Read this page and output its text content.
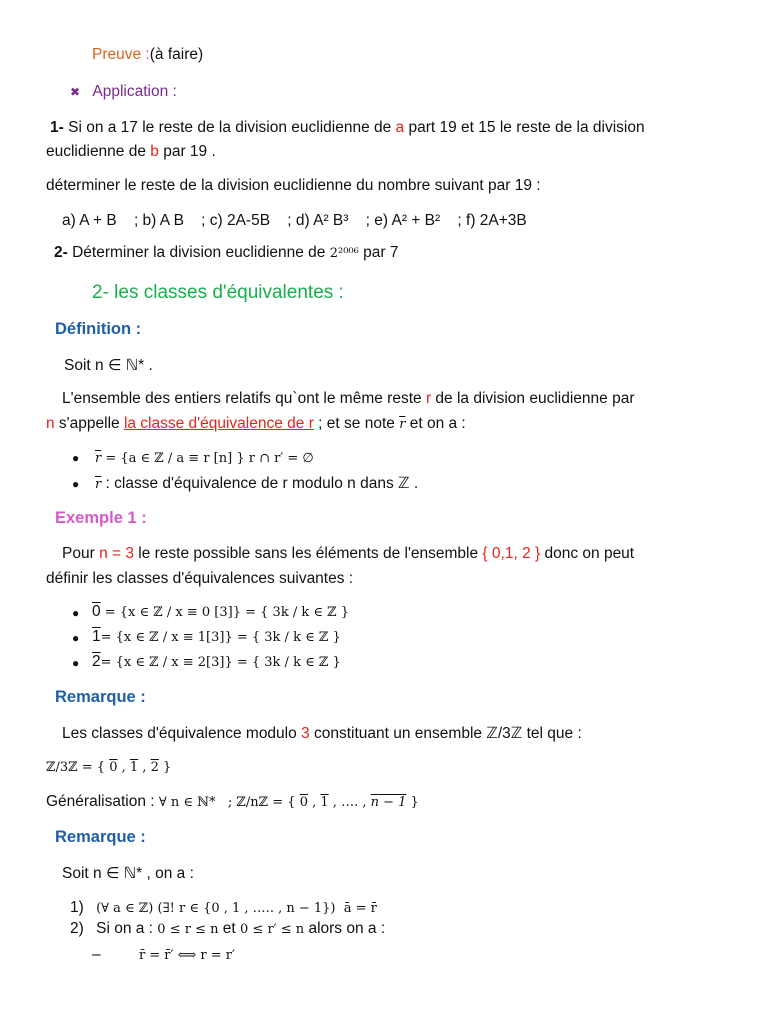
Preuve :(à faire)
✖ Application :
1- Si on a 17 le reste de la division euclidienne de a part 19 et 15 le reste de la division
euclidienne de b par 19 .
déterminer le reste de la division euclidienne du nombre suivant par 19 :
a) A + B    ; b) A B    ; c) 2A-5B    ; d) A² B³    ; e) A² + B²    ; f) 2A+3B
2- Déterminer la division euclidienne de 2²⁰⁰⁶ par 7
2- les classes d'équivalentes :
Définition :
Soit n ∈ ℕ* .
L'ensemble des entiers relatifs qu`ont le même reste r de la division euclidienne par
n s'appelle la classe d'équivalence de r ; et se note $\overline{r}$ et on a :
● $\overline{r} = \{a$ ∈ ℤ / a ≡ r [n] } r ∩ r′ = ∅
● $\overline{r}$ : classe d'équivalence de r modulo n dans ℤ .
Exemple 1 :
Pour n = 3 le reste possible sans les éléments de l'ensemble { 0,1, 2 } donc on peut
définir les classes d'équivalences suivantes :
● 0 = {x ∈ ℤ / x ≡ 0 [3]} = { 3k / k ∈ ℤ }
● 1= {x ∈ ℤ / x ≡ 1[3]} = { 3k / k ∈ ℤ }
● 2= {x ∈ ℤ / x ≡ 2[3]} = { 3k / k ∈ ℤ }
Remarque :
Les classes d'équivalence modulo 3 constituant un ensemble ℤ/3ℤ tel que :
ℤ/3ℤ = { 0 , 1 , 2 }
Généralisation : ∀ n ∈ ℕ*   ; ℤ/nℤ = { 0 , 1 , …. , n − 1 }
Remarque :
Soit n ∈ ℕ* , on a :
1) (∀ a ∈ ℤ) (∃! r ∈ {0 , 1 , ….. , n − 1})  ā = r̄
2) Si on a : 0 ≤ r ≤ n et 0 ≤ r′ ≤ n alors on a :
–	r̄ = r̄′ ⟺ r = r′
